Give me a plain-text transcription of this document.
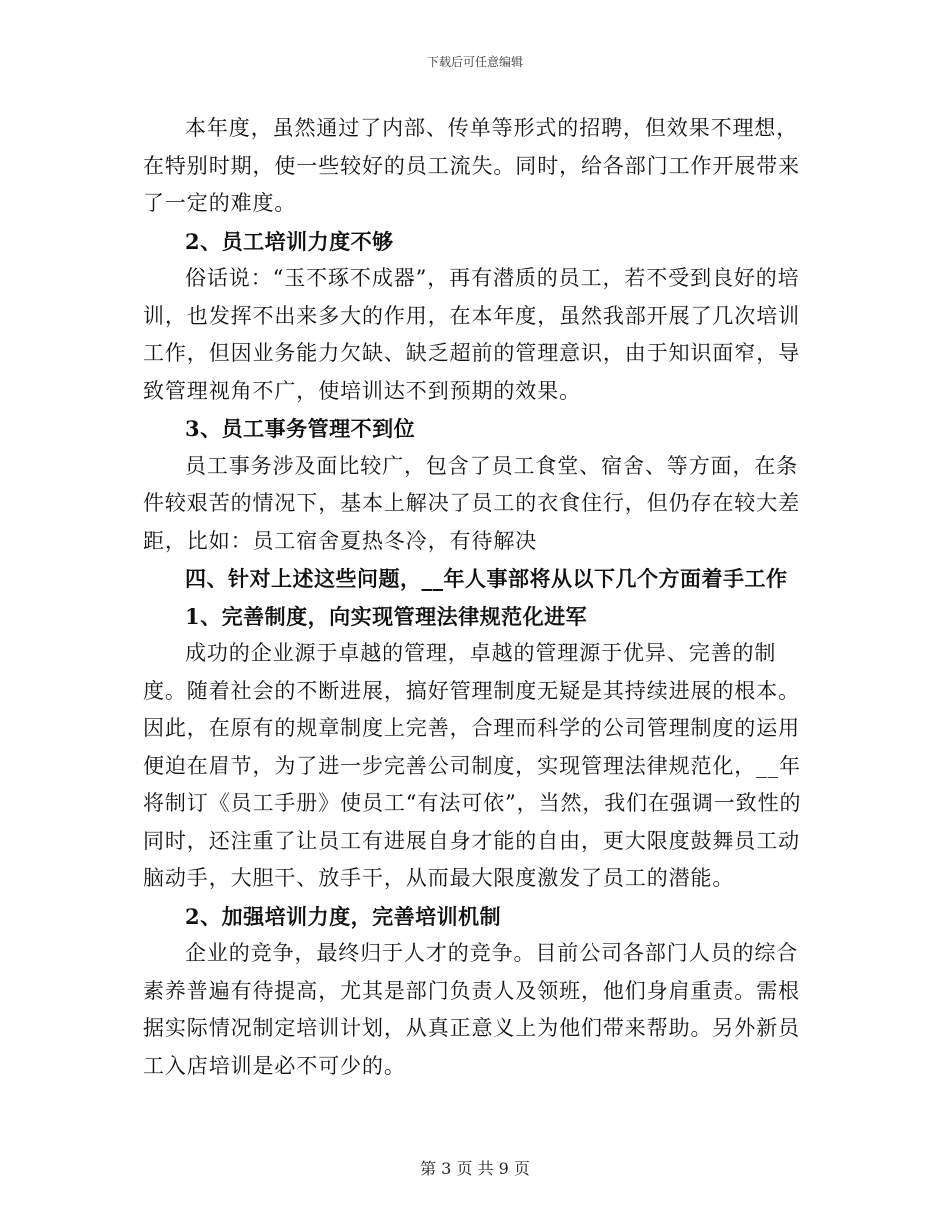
下载后可任意编辑

本年度，虽然通过了内部、传单等形式的招聘，但效果不理想，在特别时期，使一些较好的员工流失。同时，给各部门工作开展带来了一定的难度。

2、员工培训力度不够

俗话说：“玉不琢不成器”，再有潜质的员工，若不受到良好的培训，也发挥不出来多大的作用，在本年度，虽然我部开展了几次培训工作，但因业务能力欠缺、缺乏超前的管理意识，由于知识面窄，导致管理视角不广，使培训达不到预期的效果。

3、员工事务管理不到位

员工事务涉及面比较广，包含了员工食堂、宿舍、等方面，在条件较艰苦的情况下，基本上解决了员工的衣食住行，但仍存在较大差距，比如：员工宿舍夏热冬冷，有待解决

四、针对上述这些问题，__年人事部将从以下几个方面着手工作

1、完善制度，向实现管理法律规范化进军

成功的企业源于卓越的管理，卓越的管理源于优异、完善的制度。随着社会的不断进展，搞好管理制度无疑是其持续进展的根本。因此，在原有的规章制度上完善，合理而科学的公司管理制度的运用便迫在眉节，为了进一步完善公司制度，实现管理法律规范化，__年将制订《员工手册》使员工“有法可依”，当然，我们在强调一致性的同时，还注重了让员工有进展自身才能的自由，更大限度鼓舞员工动脑动手，大胆干、放手干，从而最大限度激发了员工的潜能。

2、加强培训力度，完善培训机制

企业的竞争，最终归于人才的竞争。目前公司各部门人员的综合素养普遍有待提高，尤其是部门负责人及领班，他们身肩重责。需根据实际情况制定培训计划，从真正意义上为他们带来帮助。另外新员工入店培训是必不可少的。

第 3 页 共 9 页
